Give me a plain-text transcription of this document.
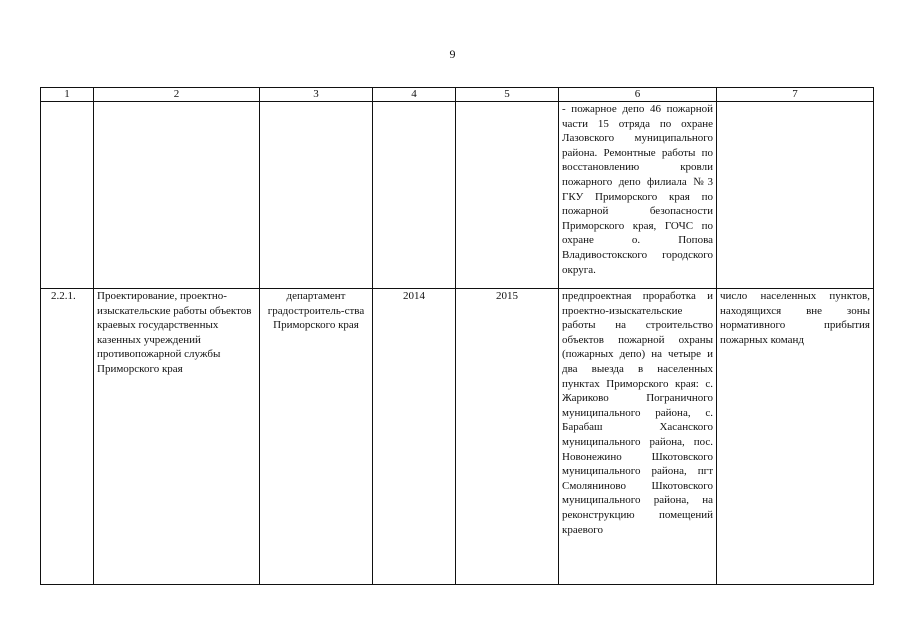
9
1	2	3	4	5	6	7
					- пожарное депо 46 пожарной части 15 отряда по охране Лазовского муниципального района. Ремонтные работы по восстановлению кровли пожарного депо филиала №3 ГКУ Приморского края по пожарной безопасности Приморского края, ГОЧС по охране о. Попова Владивостокского городского округа.	
2.2.1.	Проектирование, проектно-изыскательские работы объектов краевых государственных казенных учреждений противопожарной службы Приморского края	департамент градостроитель-ства Приморского края	2014	2015	предпроектная проработка и проектно-изыскательские работы на строительство объектов пожарной охраны (пожарных депо) на четыре и два выезда в населенных пунктах Приморского края: с. Жариково Пограничного муниципального района, с. Барабаш Хасанского муниципального района, пос. Новонежино Шкотовского муниципального района, пгт Смоляниново Шкотовского муниципального района, на реконструкцию помещений краевого	число населенных пунктов, находящихся вне зоны нормативного прибытия пожарных команд
